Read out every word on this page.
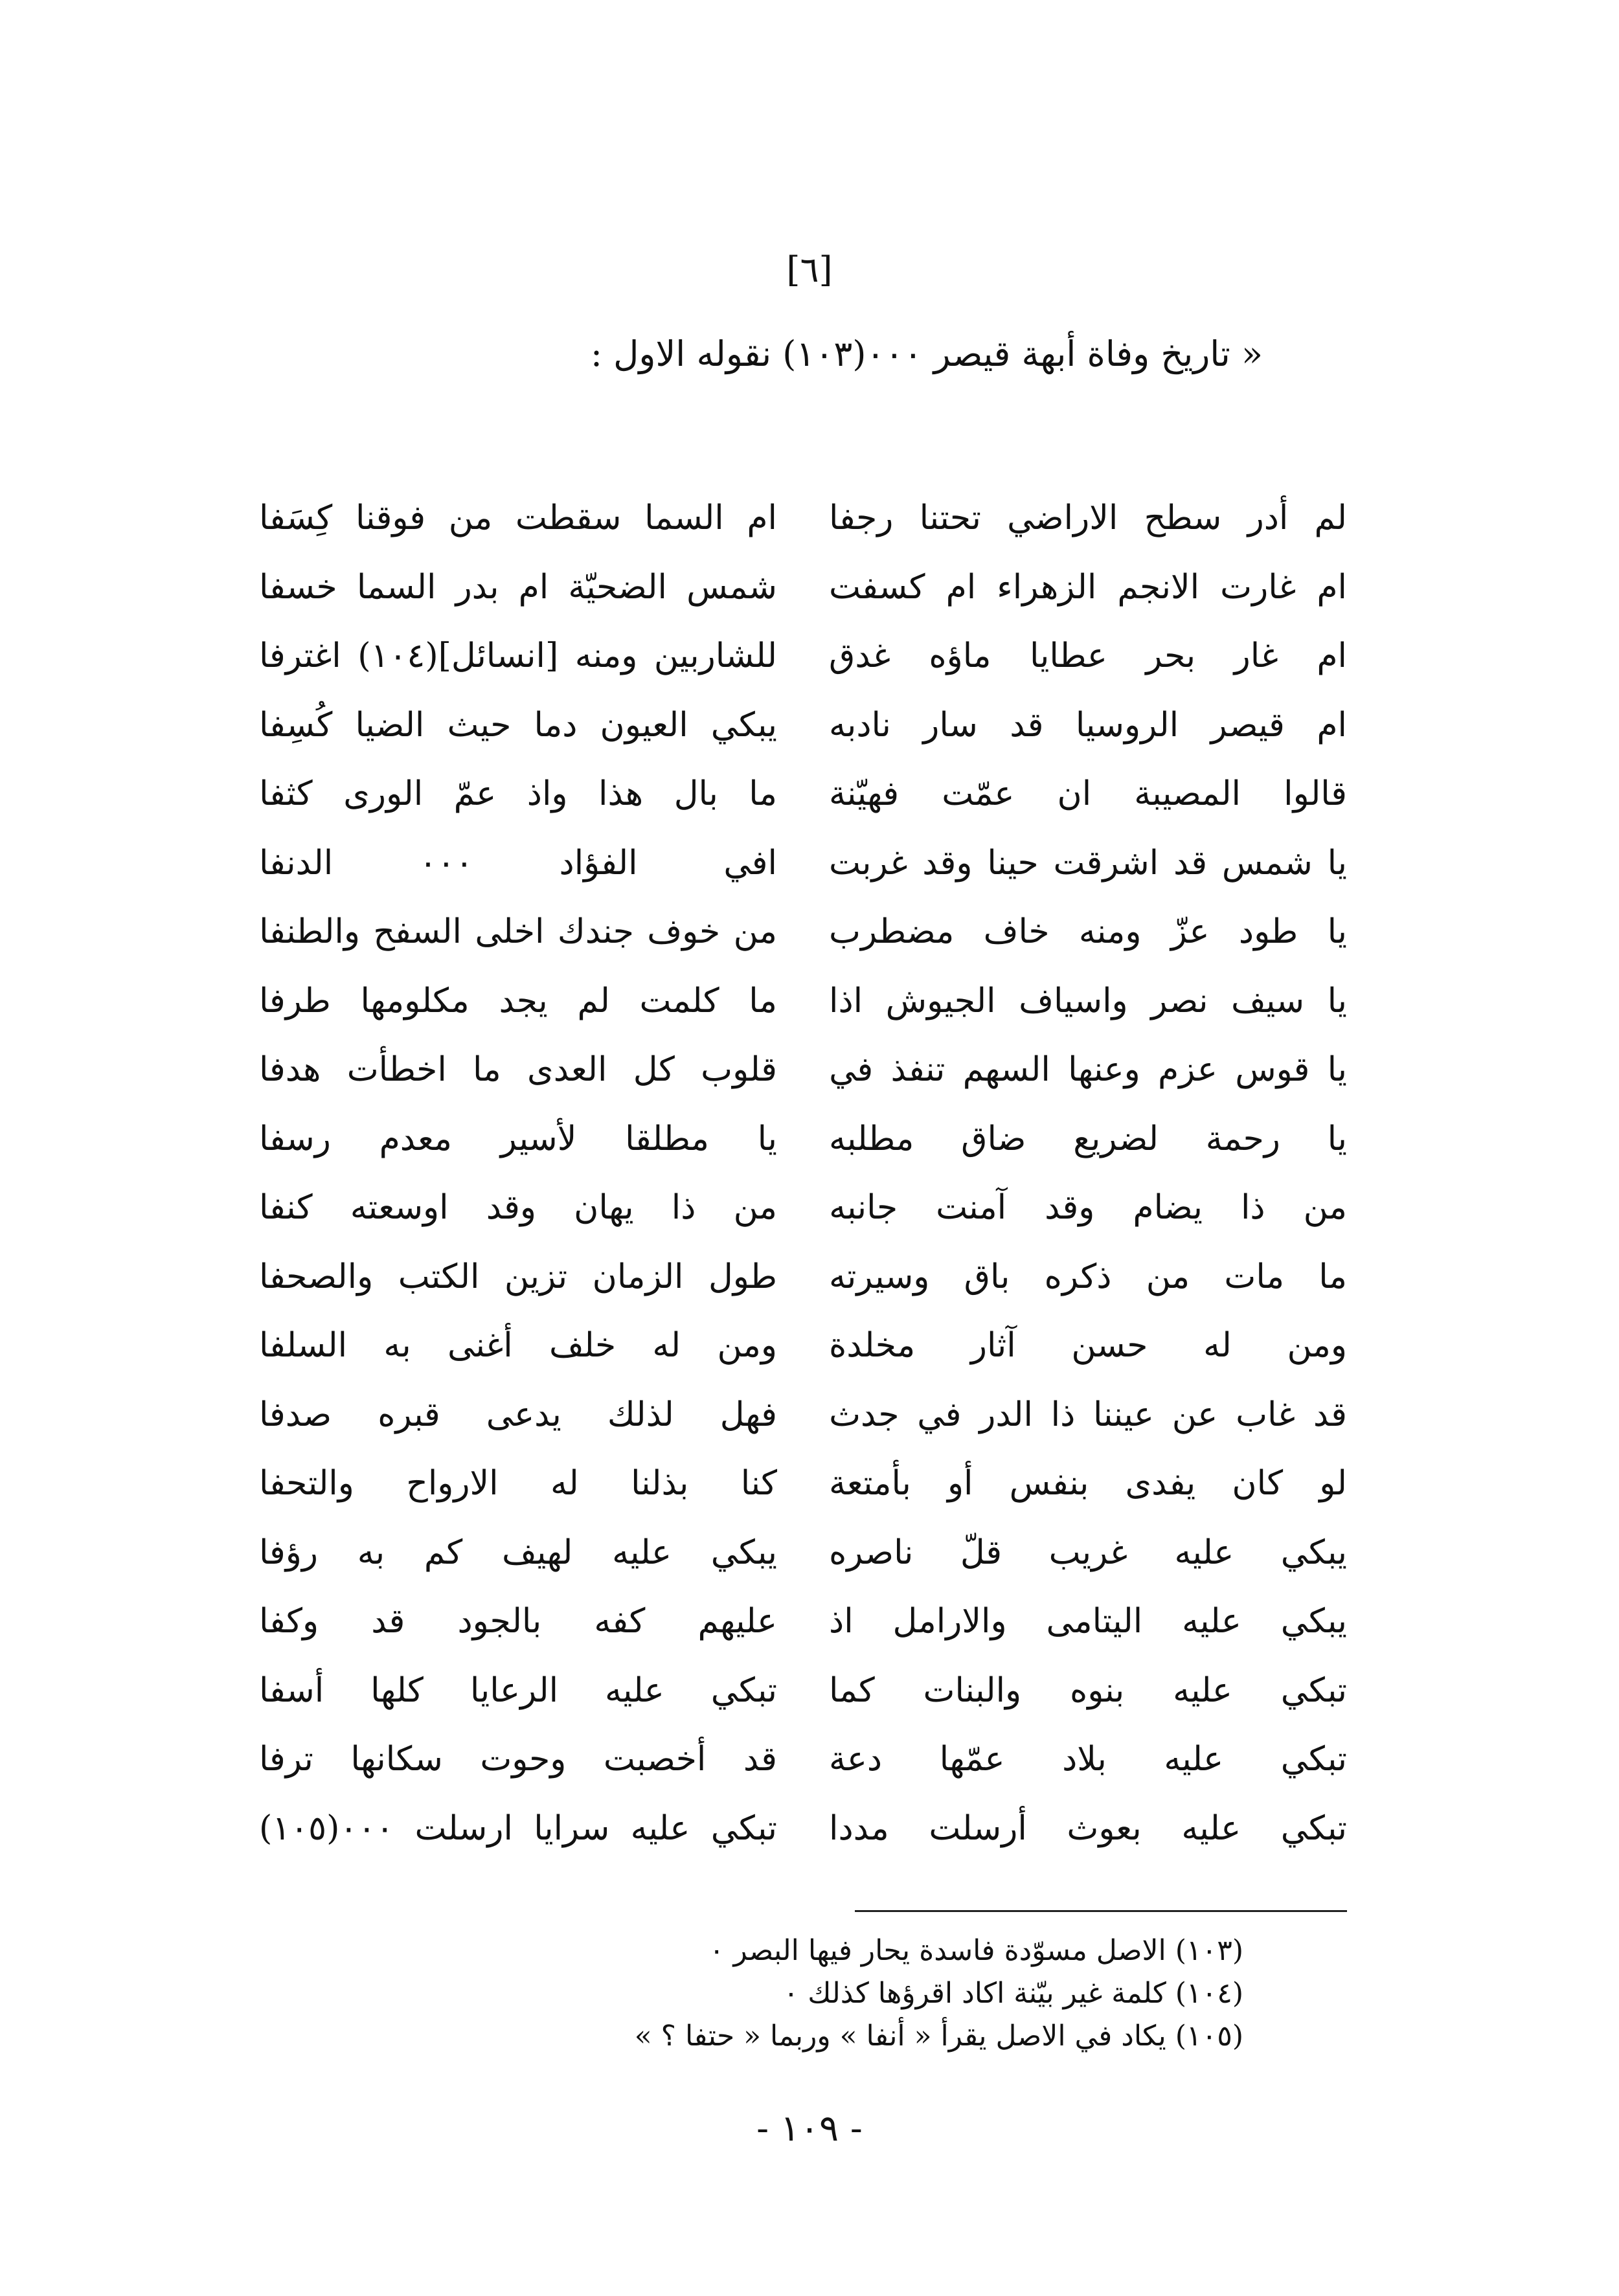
[٦]
« تاريخ وفاة أبهة قيصر ٠٠٠(١٠٣) نقوله الاول :
لم
أدر
سطح
الاراضي
تحتنا
رجفا
ام
السما
سقطت
من
فوقنا
كِسَفا
ام
غارت
الانجم
الزهراء
ام
كسفت
شمس
الضحيّة
ام
بدر
السما
خسفا
ام
غار
بحر
عطايا
ماؤه
غدق
للشاربين
ومنه
[انسائل](١٠٤)
اغترفا
ام
قيصر
الروسيا
قد
سار
نادبه
يبكي
العيون
دما
حيث
الضيا
كُسِفا
قالوا
المصيبة
ان
عمّت
فهيّنة
ما
بال
هذا
واذ
عمّ
الورى
كثفا
يا
شمس
قد
اشرقت
حينا
وقد
غربت
افي
الفؤاد
٠٠٠
الدنفا
يا
طود
عزّ
ومنه
خاف
مضطرب
من
خوف
جندك
اخلى
السفح
والطنفا
يا
سيف
نصر
واسياف
الجيوش
اذا
ما
كلمت
لم
يجد
مكلومها
طرفا
يا
قوس
عزم
وعنها
السهم
تنفذ
في
قلوب
كل
العدى
ما
اخطأت
هدفا
يا
رحمة
لضريع
ضاق
مطلبه
يا
مطلقا
لأسير
معدم
رسفا
من
ذا
يضام
وقد
آمنت
جانبه
من
ذا
يهان
وقد
اوسعته
كنفا
ما
مات
من
ذكره
باق
وسيرته
طول
الزمان
تزين
الكتب
والصحفا
ومن
له
حسن
آثار
مخلدة
ومن
له
خلف
أغنى
به
السلفا
قد
غاب
عن
عيننا
ذا
الدر
في
جدث
فهل
لذلك
يدعى
قبره
صدفا
لو
كان
يفدى
بنفس
أو
بأمتعة
كنا
بذلنا
له
الارواح
والتحفا
يبكي
عليه
غريب
قلّ
ناصره
يبكي
عليه
لهيف
كم
به
رؤفا
يبكي
عليه
اليتامى
والارامل
اذ
عليهم
كفه
بالجود
قد
وكفا
تبكي
عليه
بنوه
والبنات
كما
تبكي
عليه
الرعايا
كلها
أسفا
تبكي
عليه
بلاد
عمّها
دعة
قد
أخصبت
وحوت
سكانها
ترفا
تبكي
عليه
بعوث
أرسلت
مددا
تبكي
عليه
سرايا
ارسلت
٠٠٠(١٠٥)
(١٠٣) الاصل مسوّدة فاسدة يحار فيها البصر ٠
(١٠٤) كلمة غير بيّنة اكاد اقرؤها كذلك ٠
(١٠٥) يكاد في الاصل يقرأ « أنفا » وربما « حتفا ؟ »
- ١٠٩ -
